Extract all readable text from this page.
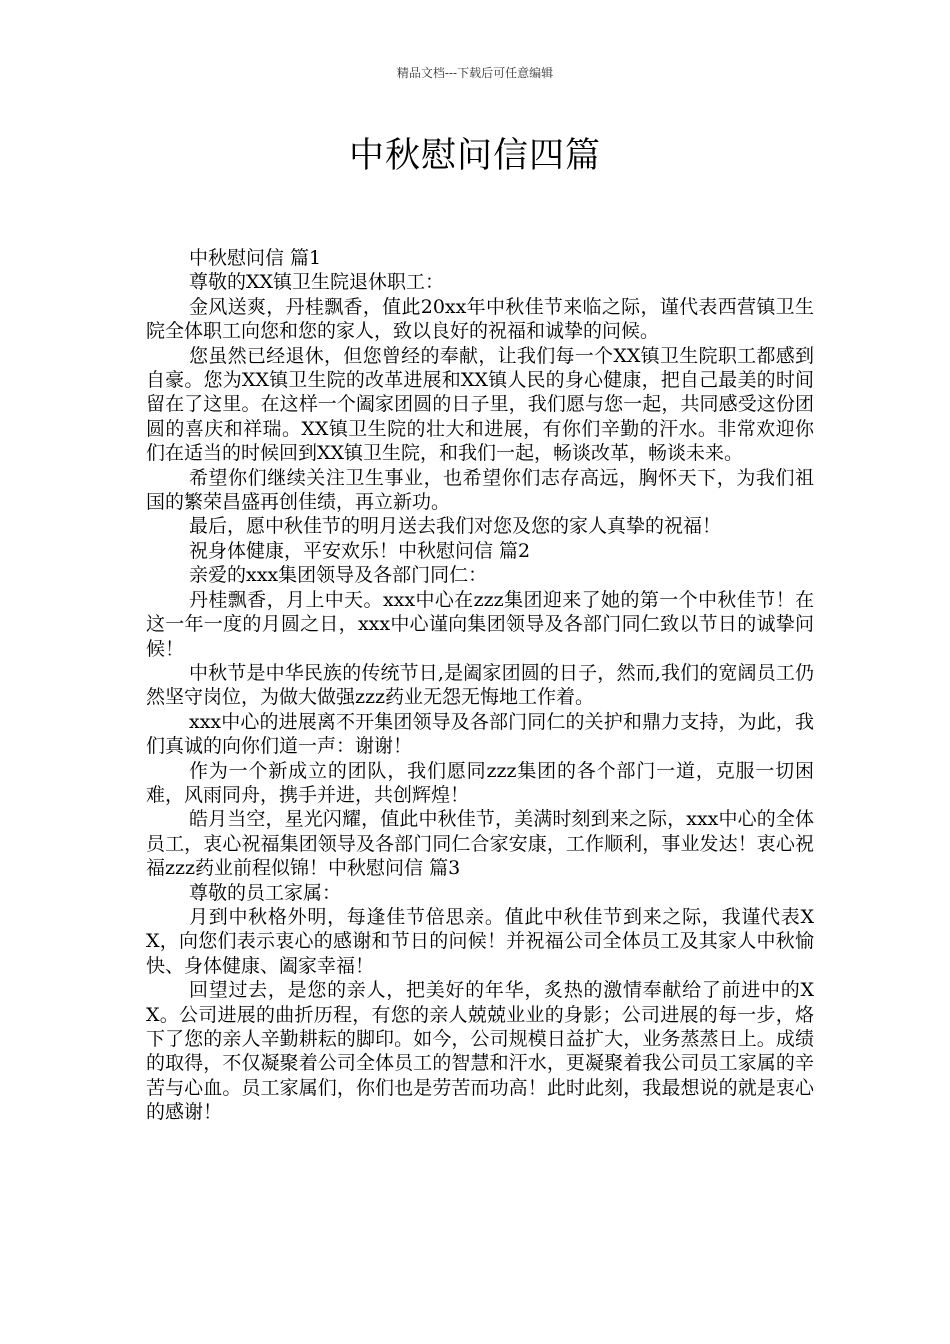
精品文档---下载后可任意编辑
中秋慰问信四篇

中秋慰问信 篇1

尊敬的XX镇卫生院退休职工：

金风送爽，丹桂飘香，值此20xx年中秋佳节来临之际，谨代表西营镇卫生院全体职工向您和您的家人，致以良好的祝福和诚挚的问候。

您虽然已经退休，但您曾经的奉献，让我们每一个XX镇卫生院职工都感到自豪。您为XX镇卫生院的改革进展和XX镇人民的身心健康，把自己最美的时间留在了这里。在这样一个阖家团圆的日子里，我们愿与您一起，共同感受这份团圆的喜庆和祥瑞。XX镇卫生院的壮大和进展，有你们辛勤的汗水。非常欢迎你们在适当的时候回到XX镇卫生院，和我们一起，畅谈改革，畅谈未来。

希望你们继续关注卫生事业，也希望你们志存高远，胸怀天下，为我们祖国的繁荣昌盛再创佳绩，再立新功。

最后，愿中秋佳节的明月送去我们对您及您的家人真挚的祝福！

祝身体健康，平安欢乐！中秋慰问信 篇2

亲爱的xxx集团领导及各部门同仁：

丹桂飘香，月上中天。xxx中心在zzz集团迎来了她的第一个中秋佳节！在这一年一度的月圆之日，xxx中心谨向集团领导及各部门同仁致以节日的诚挚问候！

中秋节是中华民族的传统节日,是阖家团圆的日子，然而,我们的宽阔员工仍然坚守岗位，为做大做强zzz药业无怨无悔地工作着。

xxx中心的进展离不开集团领导及各部门同仁的关护和鼎力支持，为此，我们真诚的向你们道一声：谢谢！

作为一个新成立的团队，我们愿同zzz集团的各个部门一道，克服一切困难，风雨同舟，携手并进，共创辉煌！

皓月当空，星光闪耀，值此中秋佳节，美满时刻到来之际，xxx中心的全体员工，衷心祝福集团领导及各部门同仁合家安康，工作顺利，事业发达！衷心祝福zzz药业前程似锦！中秋慰问信 篇3

尊敬的员工家属：

月到中秋格外明，每逢佳节倍思亲。值此中秋佳节到来之际，我谨代表XX，向您们表示衷心的感谢和节日的问候！并祝福公司全体员工及其家人中秋愉快、身体健康、阖家幸福！

回望过去，是您的亲人，把美好的年华，炙热的激情奉献给了前进中的XX。公司进展的曲折历程，有您的亲人兢兢业业的身影；公司进展的每一步，烙下了您的亲人辛勤耕耘的脚印。如今，公司规模日益扩大，业务蒸蒸日上。成绩的取得，不仅凝聚着公司全体员工的智慧和汗水，更凝聚着我公司员工家属的辛苦与心血。员工家属们，你们也是劳苦而功高！此时此刻，我最想说的就是衷心的感谢！
